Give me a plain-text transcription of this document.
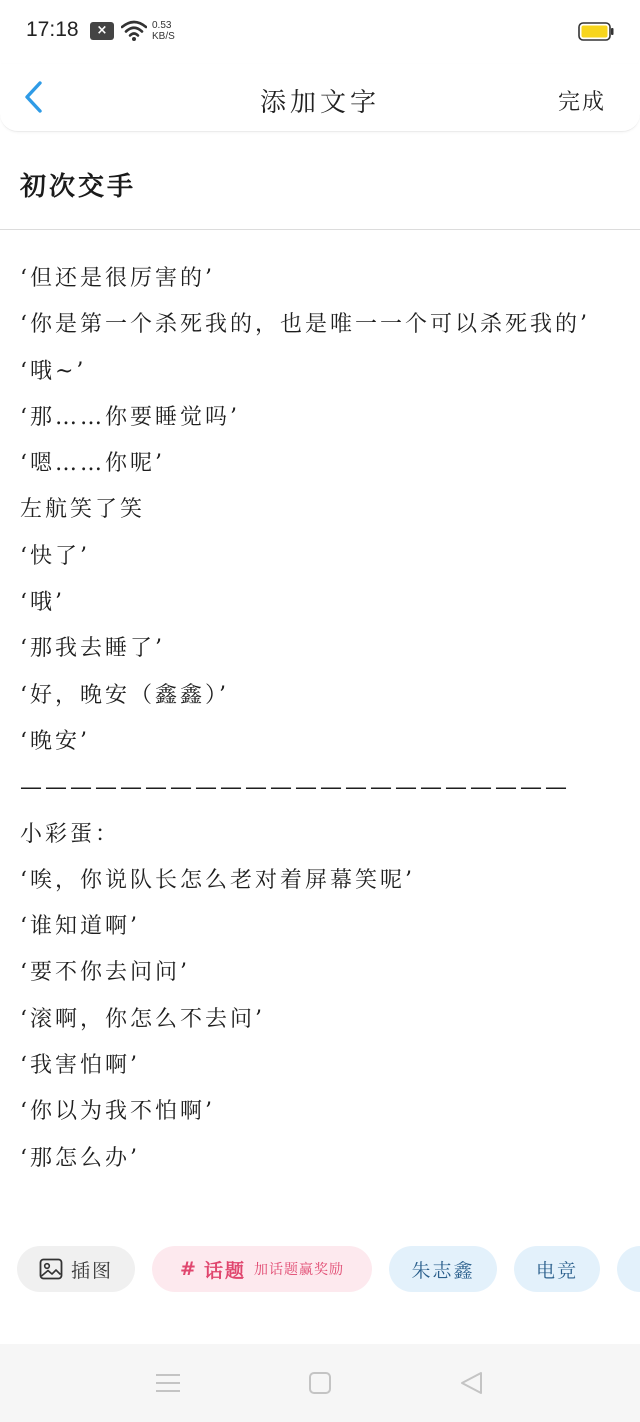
17:18	×	0.53
KB/S
添加文字	完成
初次交手

‘但还是很厉害的’

‘你是第一个杀死我的，也是唯一一个可以杀死我的’

‘哦~’

‘那……你要睡觉吗’

‘嗯……你呢’

左航笑了笑

‘快了’

‘哦’

‘那我去睡了’

‘好，晚安（鑫鑫）’

‘晚安’

——————————————————————

小彩蛋：

‘唉，你说队长怎么老对着屏幕笑呢’

‘谁知道啊’

‘要不你去问问’

‘滚啊，你怎么不去问’

‘我害怕啊’

‘你以为我不怕啊’

‘那怎么办’

插图	# 话题 加话题赢奖励	朱志鑫	电竞
